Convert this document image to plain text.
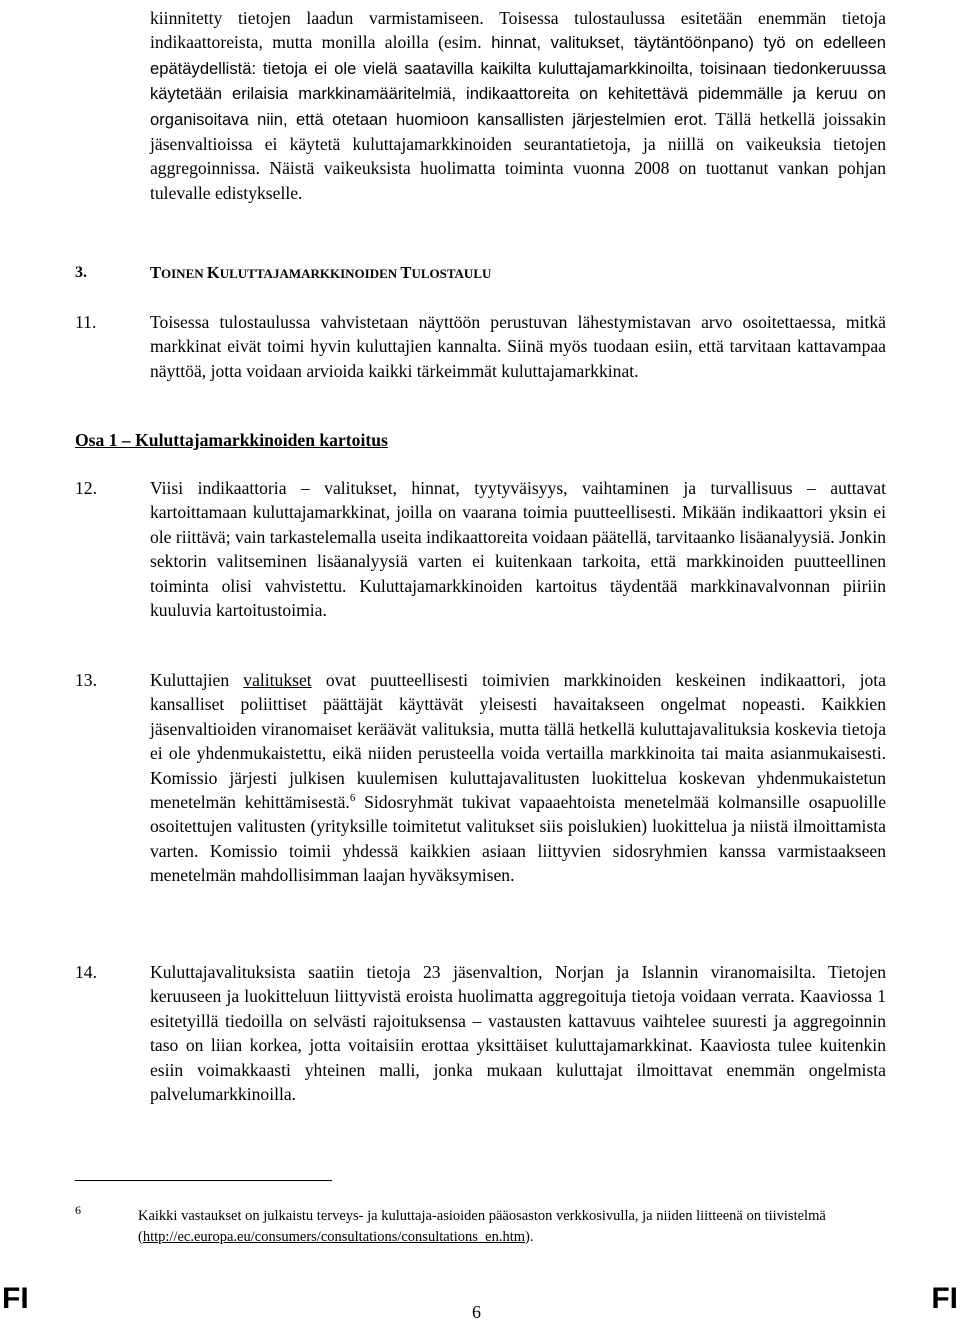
kiinnitetty tietojen laadun varmistamiseen. Toisessa tulostaulussa esitetään enemmän tietoja indikaattoreista, mutta monilla aloilla (esim. hinnat, valitukset, täytäntöönpano) työ on edelleen epätäydellistä: tietoja ei ole vielä saatavilla kaikilta kuluttajamarkkinoilta, toisinaan tiedonkeruussa käytetään erilaisia markkinamääritelmiä, indikaattoreita on kehitettävä pidemmälle ja keruu on organisoitava niin, että otetaan huomioon kansallisten järjestelmien erot. Tällä hetkellä joissakin jäsenvaltioissa ei käytetä kuluttajamarkkinoiden seurantatietoja, ja niillä on vaikeuksia tietojen aggregoinnissa. Näistä vaikeuksista huolimatta toiminta vuonna 2008 on tuottanut vankan pohjan tulevalle edistykselle.

3.	TOINEN KULUTTAJAMARKKINOIDEN TULOSTAULU
11.	Toisessa tulostaulussa vahvistetaan näyttöön perustuvan lähestymistavan arvo osoitettaessa, mitkä markkinat eivät toimi hyvin kuluttajien kannalta. Siinä myös tuodaan esiin, että tarvitaan kattavampaa näyttöä, jotta voidaan arvioida kaikki tärkeimmät kuluttajamarkkinat.

Osa 1 – Kuluttajamarkkinoiden kartoitus
12.	Viisi indikaattoria – valitukset, hinnat, tyytyväisyys, vaihtaminen ja turvallisuus – auttavat kartoittamaan kuluttajamarkkinat, joilla on vaarana toimia puutteellisesti. Mikään indikaattori yksin ei ole riittävä; vain tarkastelemalla useita indikaattoreita voidaan päätellä, tarvitaanko lisäanalyysiä. Jonkin sektorin valitseminen lisäanalyysiä varten ei kuitenkaan tarkoita, että markkinoiden puutteellinen toiminta olisi vahvistettu. Kuluttajamarkkinoiden kartoitus täydentää markkinavalvonnan piiriin kuuluvia kartoitustoimia.

13.	Kuluttajien valitukset ovat puutteellisesti toimivien markkinoiden keskeinen indikaattori, jota kansalliset poliittiset päättäjät käyttävät yleisesti havaitakseen ongelmat nopeasti. Kaikkien jäsenvaltioiden viranomaiset keräävät valituksia, mutta tällä hetkellä kuluttajavalituksia koskevia tietoja ei ole yhdenmukaistettu, eikä niiden perusteella voida vertailla markkinoita tai maita asianmukaisesti. Komissio järjesti julkisen kuulemisen kuluttajavalitusten luokittelua koskevan yhdenmukaistetun menetelmän kehittämisestä.$^6$ Sidosryhmät tukivat vapaaehtoista menetelmää kolmansille osapuolille osoitettujen valitusten (yrityksille toimitetut valitukset siis poislukien) luokittelua ja niistä ilmoittamista varten. Komissio toimii yhdessä kaikkien asiaan liittyvien sidosryhmien kanssa varmistaakseen menetelmän mahdollisimman laajan hyväksymisen.

14.	Kuluttajavalituksista saatiin tietoja 23 jäsenvaltion, Norjan ja Islannin viranomaisilta. Tietojen keruuseen ja luokitteluun liittyvistä eroista huolimatta aggregoituja tietoja voidaan verrata. Kaaviossa 1 esitetyillä tiedoilla on selvästi rajoituksensa – vastausten kattavuus vaihtelee suuresti ja aggregoinnin taso on liian korkea, jotta voitaisiin erottaa yksittäiset kuluttajamarkkinat. Kaaviosta tulee kuitenkin esiin voimakkaasti yhteinen malli, jonka mukaan kuluttajat ilmoittavat enemmän ongelmista palvelumarkkinoilla.

6	Kaikki vastaukset on julkaistu terveys- ja kuluttaja-asioiden pääosaston verkkosivulla, ja niiden liitteenä on tiivistelmä (http://ec.europa.eu/consumers/consultations/consultations_en.htm).

FI	6	FI
